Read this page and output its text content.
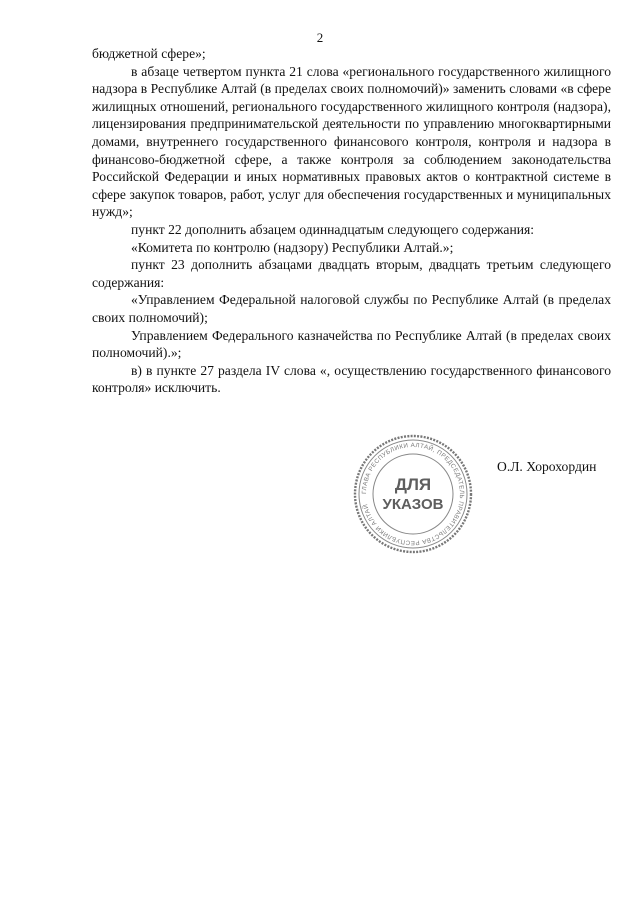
2

бюджетной сфере»;

в абзаце четвертом пункта 21 слова «регионального государственного жилищного надзора в Республике Алтай (в пределах своих полномочий)» заменить словами «в сфере жилищных отношений, регионального государственного жилищного контроля (надзора), лицензирования предпринимательской деятельности по управлению многоквартирными домами, внутреннего государственного финансового контроля, контроля и надзора в финансово-бюджетной сфере, а также контроля за соблюдением законодательства Российской Федерации и иных нормативных правовых актов о контрактной системе в сфере закупок товаров, работ, услуг для обеспечения государственных и муниципальных нужд»;

пункт 22 дополнить абзацем одиннадцатым следующего содержания:

«Комитета по контролю (надзору) Республики Алтай.»;

пункт 23 дополнить абзацами двадцать вторым, двадцать третьим следующего содержания:

«Управлением Федеральной налоговой службы по Республике Алтай (в пределах своих полномочий);

Управлением Федерального казначейства по Республике Алтай (в пределах своих полномочий).»;

в) в пункте 27 раздела IV слова «, осуществлению государственного финансового контроля» исключить.

ГЛАВА РЕСПУБЛИКИ АЛТАЙ, ПРЕДСЕДАТЕЛЬ ПРАВИТЕЛЬСТВА РЕСПУБЛИКИ АЛТАЙ
ДЛЯ
УКАЗОВ
О.Л. Хорохордин
